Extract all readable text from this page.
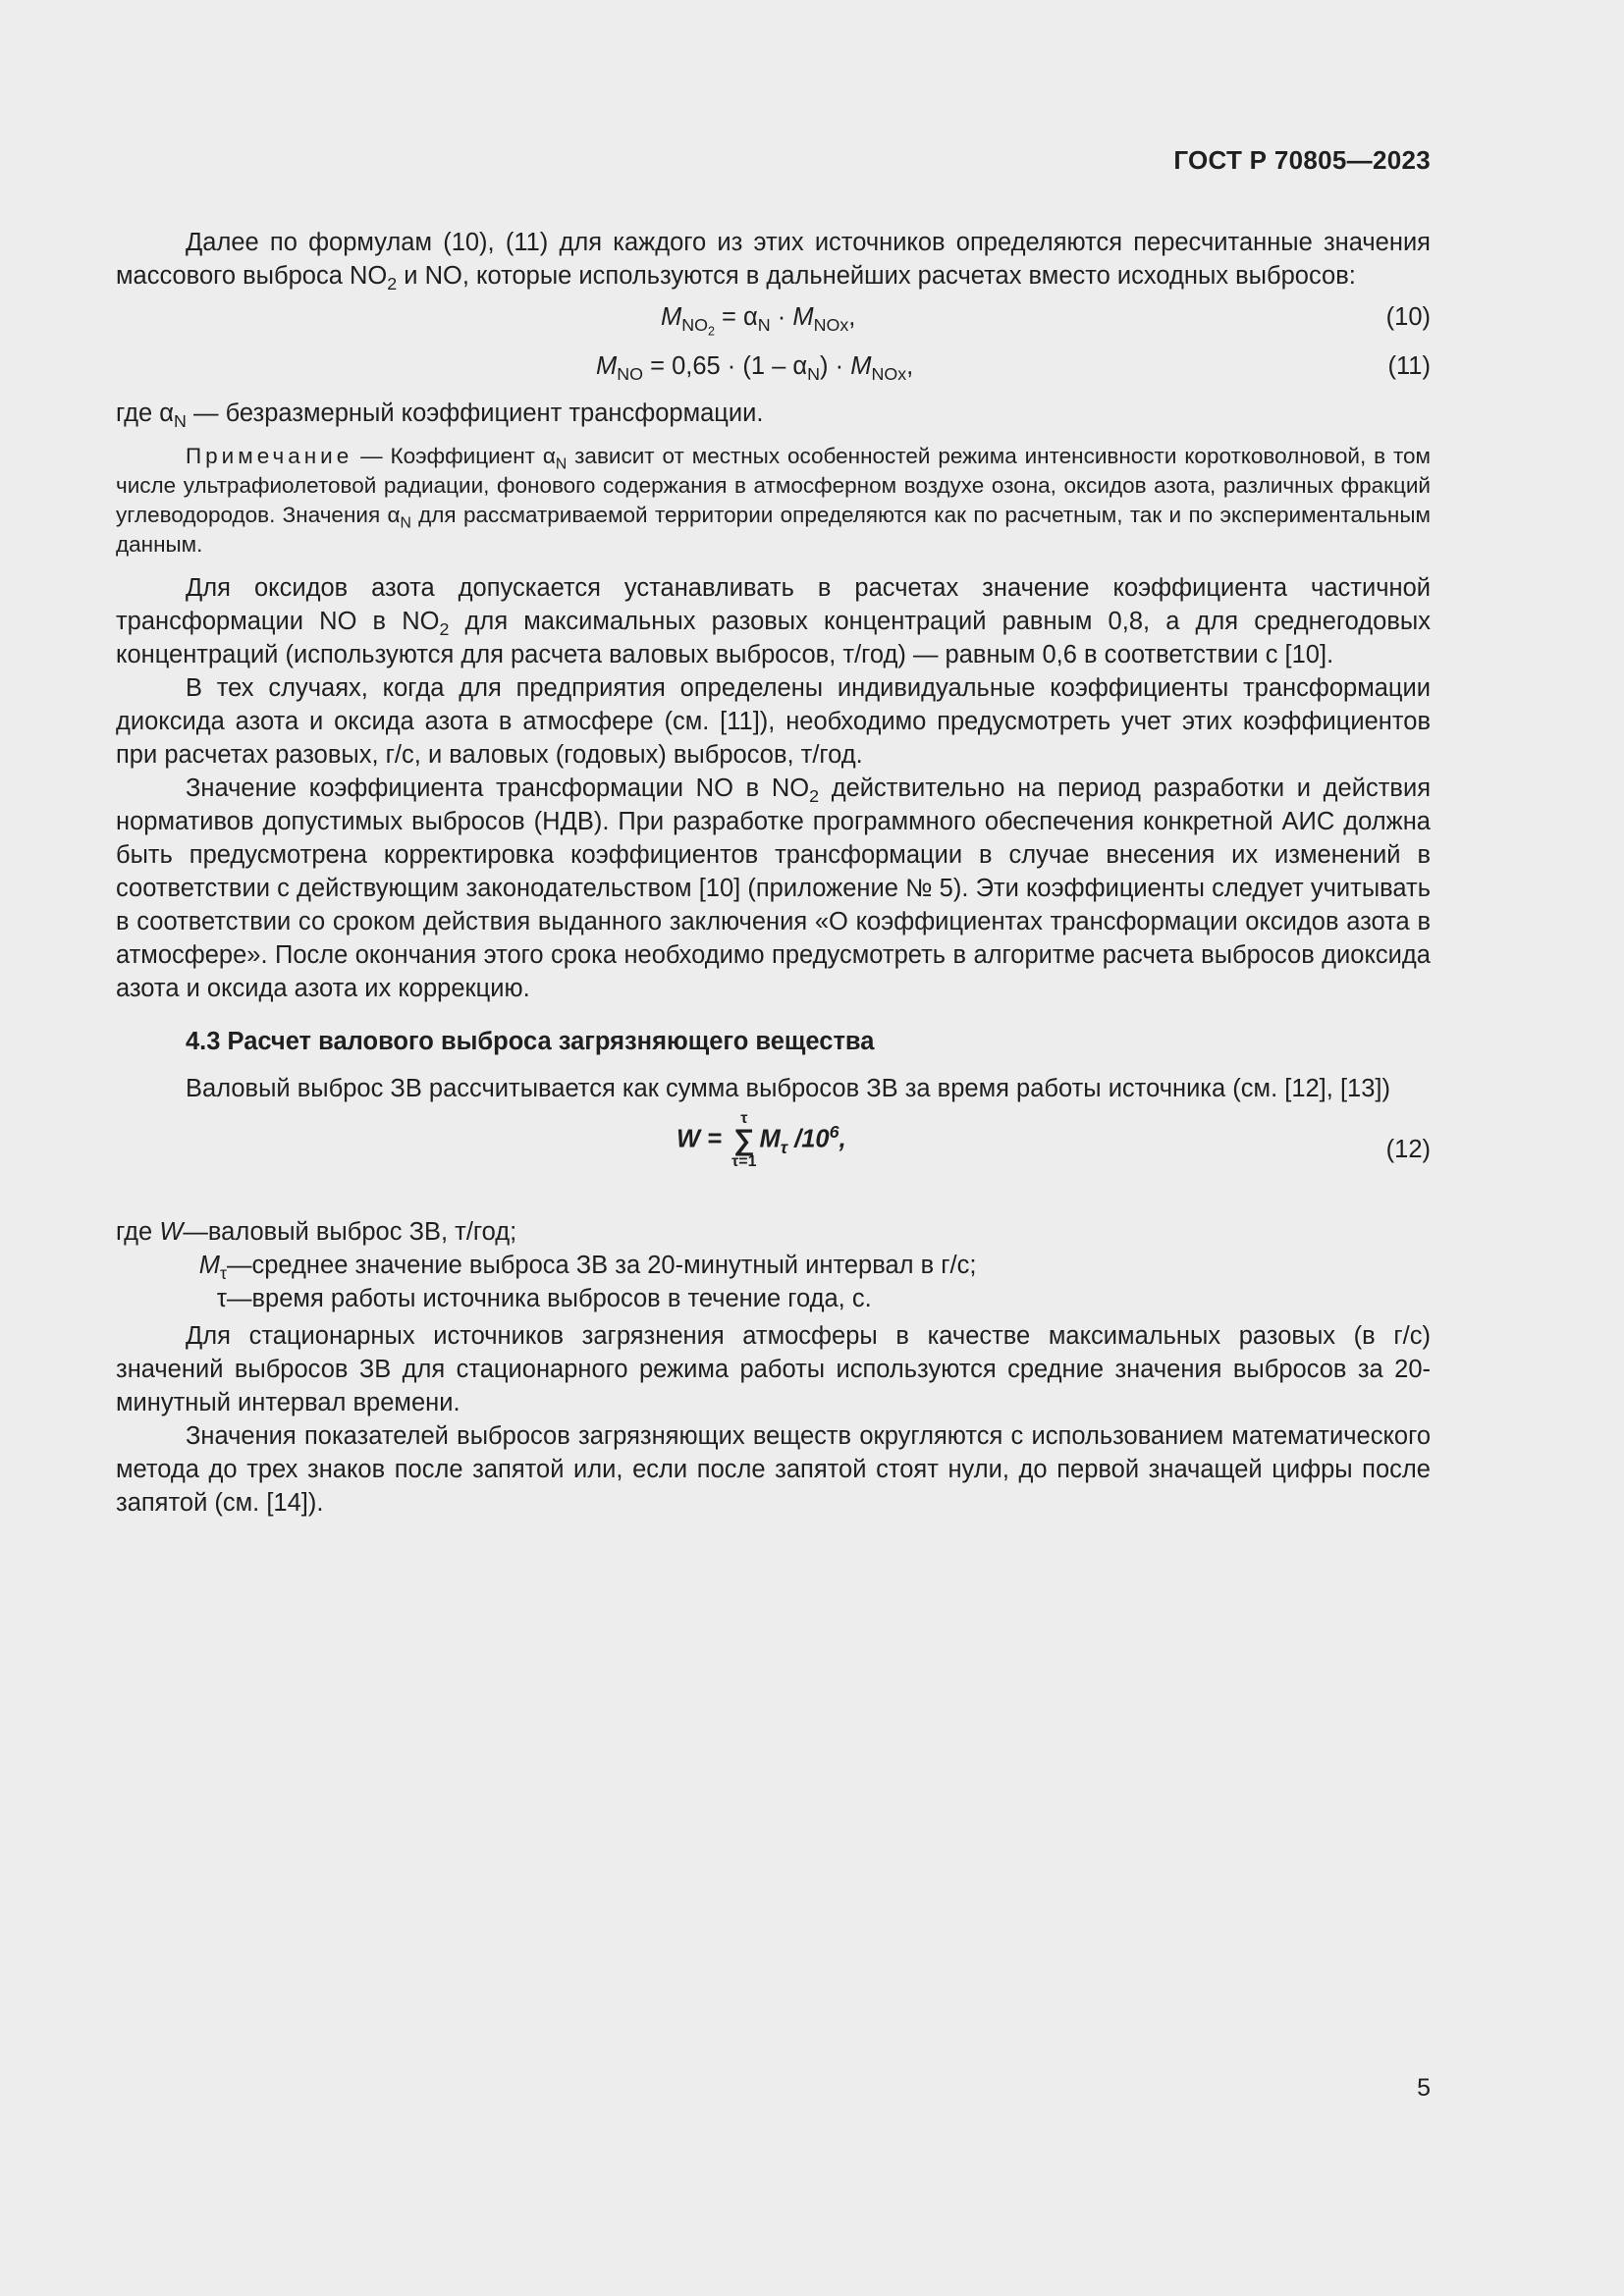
ГОСТ Р 70805—2023

Далее по формулам (10), (11) для каждого из этих источников определяются пересчитанные значения массового выброса $NO_2$ и NO, которые используются в дальнейших расчетах вместо исходных выбросов:

$M_{NO_2} = \alpha_N \cdot M_{NOx}$,	(10)
$M_{NO} = 0,65 \cdot (1 - \alpha_N) \cdot M_{NOx}$,	(11)

где $\alpha_N$ — безразмерный коэффициент трансформации.

Примечание — Коэффициент $\alpha_N$ зависит от местных особенностей режима интенсивности коротковолновой, в том числе ультрафиолетовой радиации, фонового содержания в атмосферном воздухе озона, оксидов азота, различных фракций углеводородов. Значения $\alpha_N$ для рассматриваемой территории определяются как по расчетным, так и по экспериментальным данным.

Для оксидов азота допускается устанавливать в расчетах значение коэффициента частичной трансформации NO в $NO_2$ для максимальных разовых концентраций равным 0,8, а для среднегодовых концентраций (используются для расчета валовых выбросов, т/год) — равным 0,6 в соответствии с [10].

В тех случаях, когда для предприятия определены индивидуальные коэффициенты трансформации диоксида азота и оксида азота в атмосфере (см. [11]), необходимо предусмотреть учет этих коэффициентов при расчетах разовых, г/с, и валовых (годовых) выбросов, т/год.

Значение коэффициента трансформации NO в $NO_2$ действительно на период разработки и действия нормативов допустимых выбросов (НДВ). При разработке программного обеспечения конкретной АИС должна быть предусмотрена корректировка коэффициентов трансформации в случае внесения их изменений в соответствии с действующим законодательством [10] (приложение № 5). Эти коэффициенты следует учитывать в соответствии со сроком действия выданного заключения «О коэффициентах трансформации оксидов азота в атмосфере». После окончания этого срока необходимо предусмотреть в алгоритме расчета выбросов диоксида азота и оксида азота их коррекцию.

4.3 Расчет валового выброса загрязняющего вещества

Валовый выброс ЗВ рассчитывается как сумма выбросов ЗВ за время работы источника (см. [12], [13])

W =
τ
∑
τ=1
$M_\tau$ $/10^6$,	(12)
где W — валовый выброс ЗВ, т/год;
$M_\tau$ — среднее значение выброса ЗВ за 20-минутный интервал в г/с;
τ — время работы источника выбросов в течение года, с.

Для стационарных источников загрязнения атмосферы в качестве максимальных разовых (в г/с) значений выбросов ЗВ для стационарного режима работы используются средние значения выбросов за 20-минутный интервал времени.

Значения показателей выбросов загрязняющих веществ округляются с использованием математического метода до трех знаков после запятой или, если после запятой стоят нули, до первой значащей цифры после запятой (см. [14]).

5
